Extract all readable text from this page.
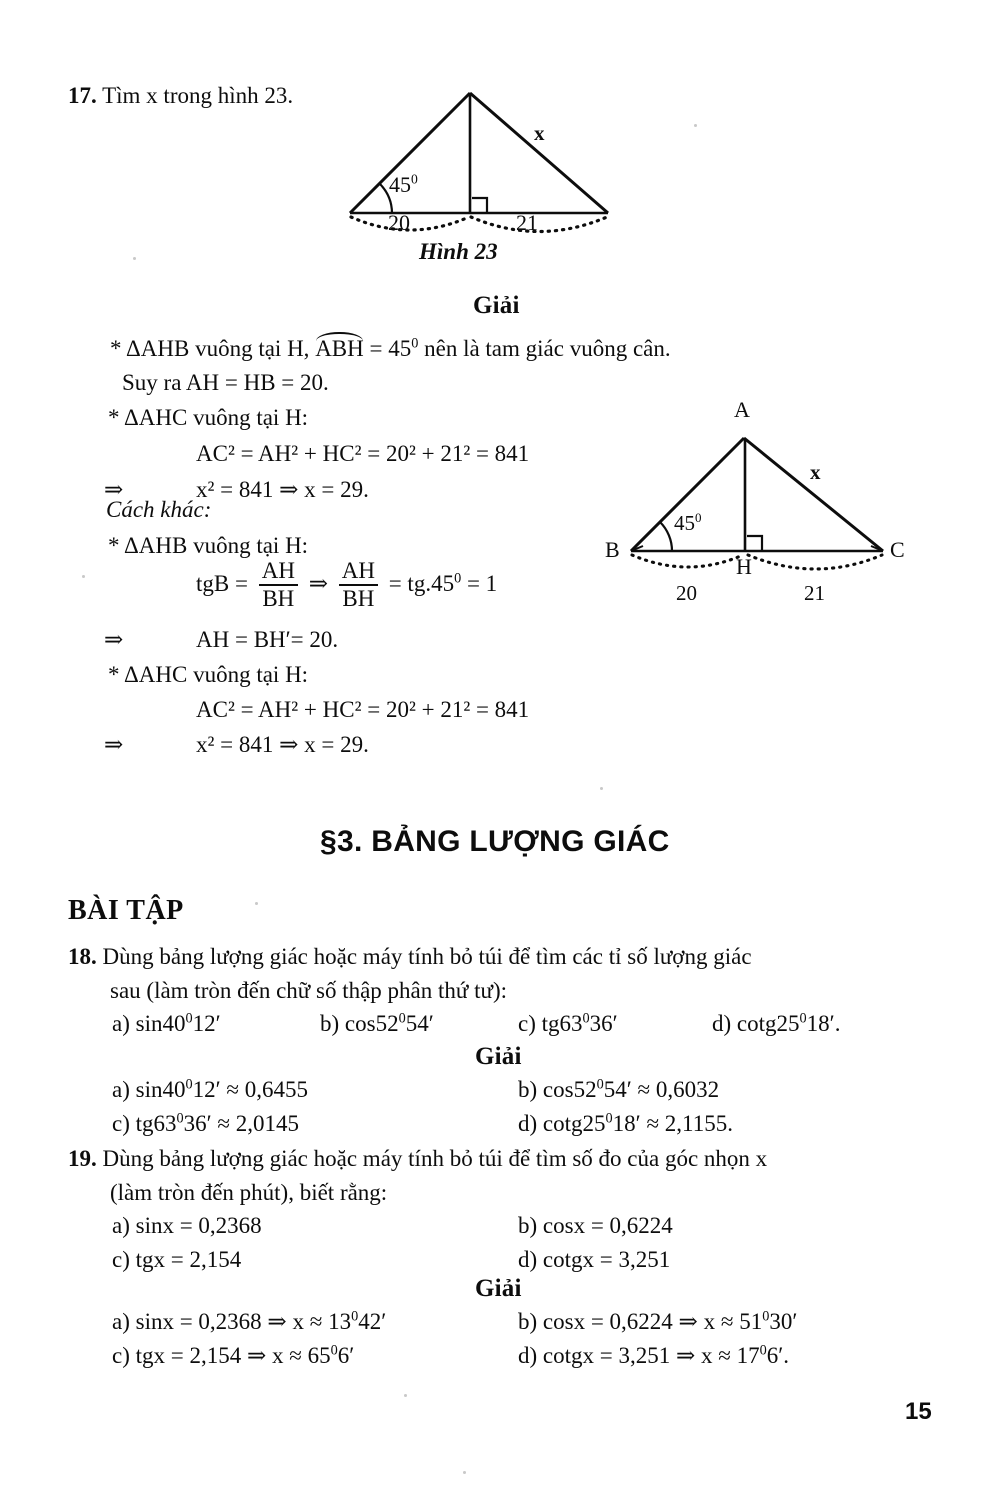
17. Tìm x trong hình 23.
$45^0$
20	21
x
Hình 23
Giải
* ΔAHB vuông tại H, ABH = $45^0$ nên là tam giác vuông cân.
Suy ra AH = HB = 20.
* ΔAHC vuông tại H:
AC² = AH² + HC² = 20² + 21² = 841
⇒	x² = 841 ⇒ x = 29.
Cách khác:
* ΔAHB vuông tại H:
tgB = $\frac{AH}{BH}$ ⇒ $\frac{AH}{BH} = tg.45^0 = 1$
⇒	AH = BH′= 20.
* ΔAHC vuông tại H:
AC² = AH² + HC² = 20² + 21² = 841
⇒	x² = 841 ⇒ x = 29.
A
B	C
H
$45^0$
20	21
x
§3. BẢNG LƯỢNG GIÁC
BÀI TẬP
18. Dùng bảng lượng giác hoặc máy tính bỏ túi để tìm các tỉ số lượng giác
sau (làm tròn đến chữ số thập phân thứ tư):
a) $\sin 40^012'$	b) $\cos 52^054'$	c) $tg63^036'$	d) $\cot g25^018'$.
Giải
a) $\sin 40^012' \approx 0,6455$	b) $\cos 52^054' \approx 0,6032$
c) $tg63^036' \approx 2,0145$	d) $\cot g25^018' \approx 2,1155$.
19. Dùng bảng lượng giác hoặc máy tính bỏ túi để tìm số đo của góc nhọn x
(làm tròn đến phút), biết rằng:
a) sinx = 0,2368	b) cosx = 0,6224
c) tgx = 2,154	d) cotgx = 3,251
Giải
a) sinx = 0,2368 ⇒ $x \approx 13^042'$	b) cosx = 0,6224 ⇒ $x \approx 51^030'$
c) tgx = 2,154 ⇒ $x \approx 65^06'$	d) cotgx = 3,251 ⇒ $x \approx 17^06'$.
15
